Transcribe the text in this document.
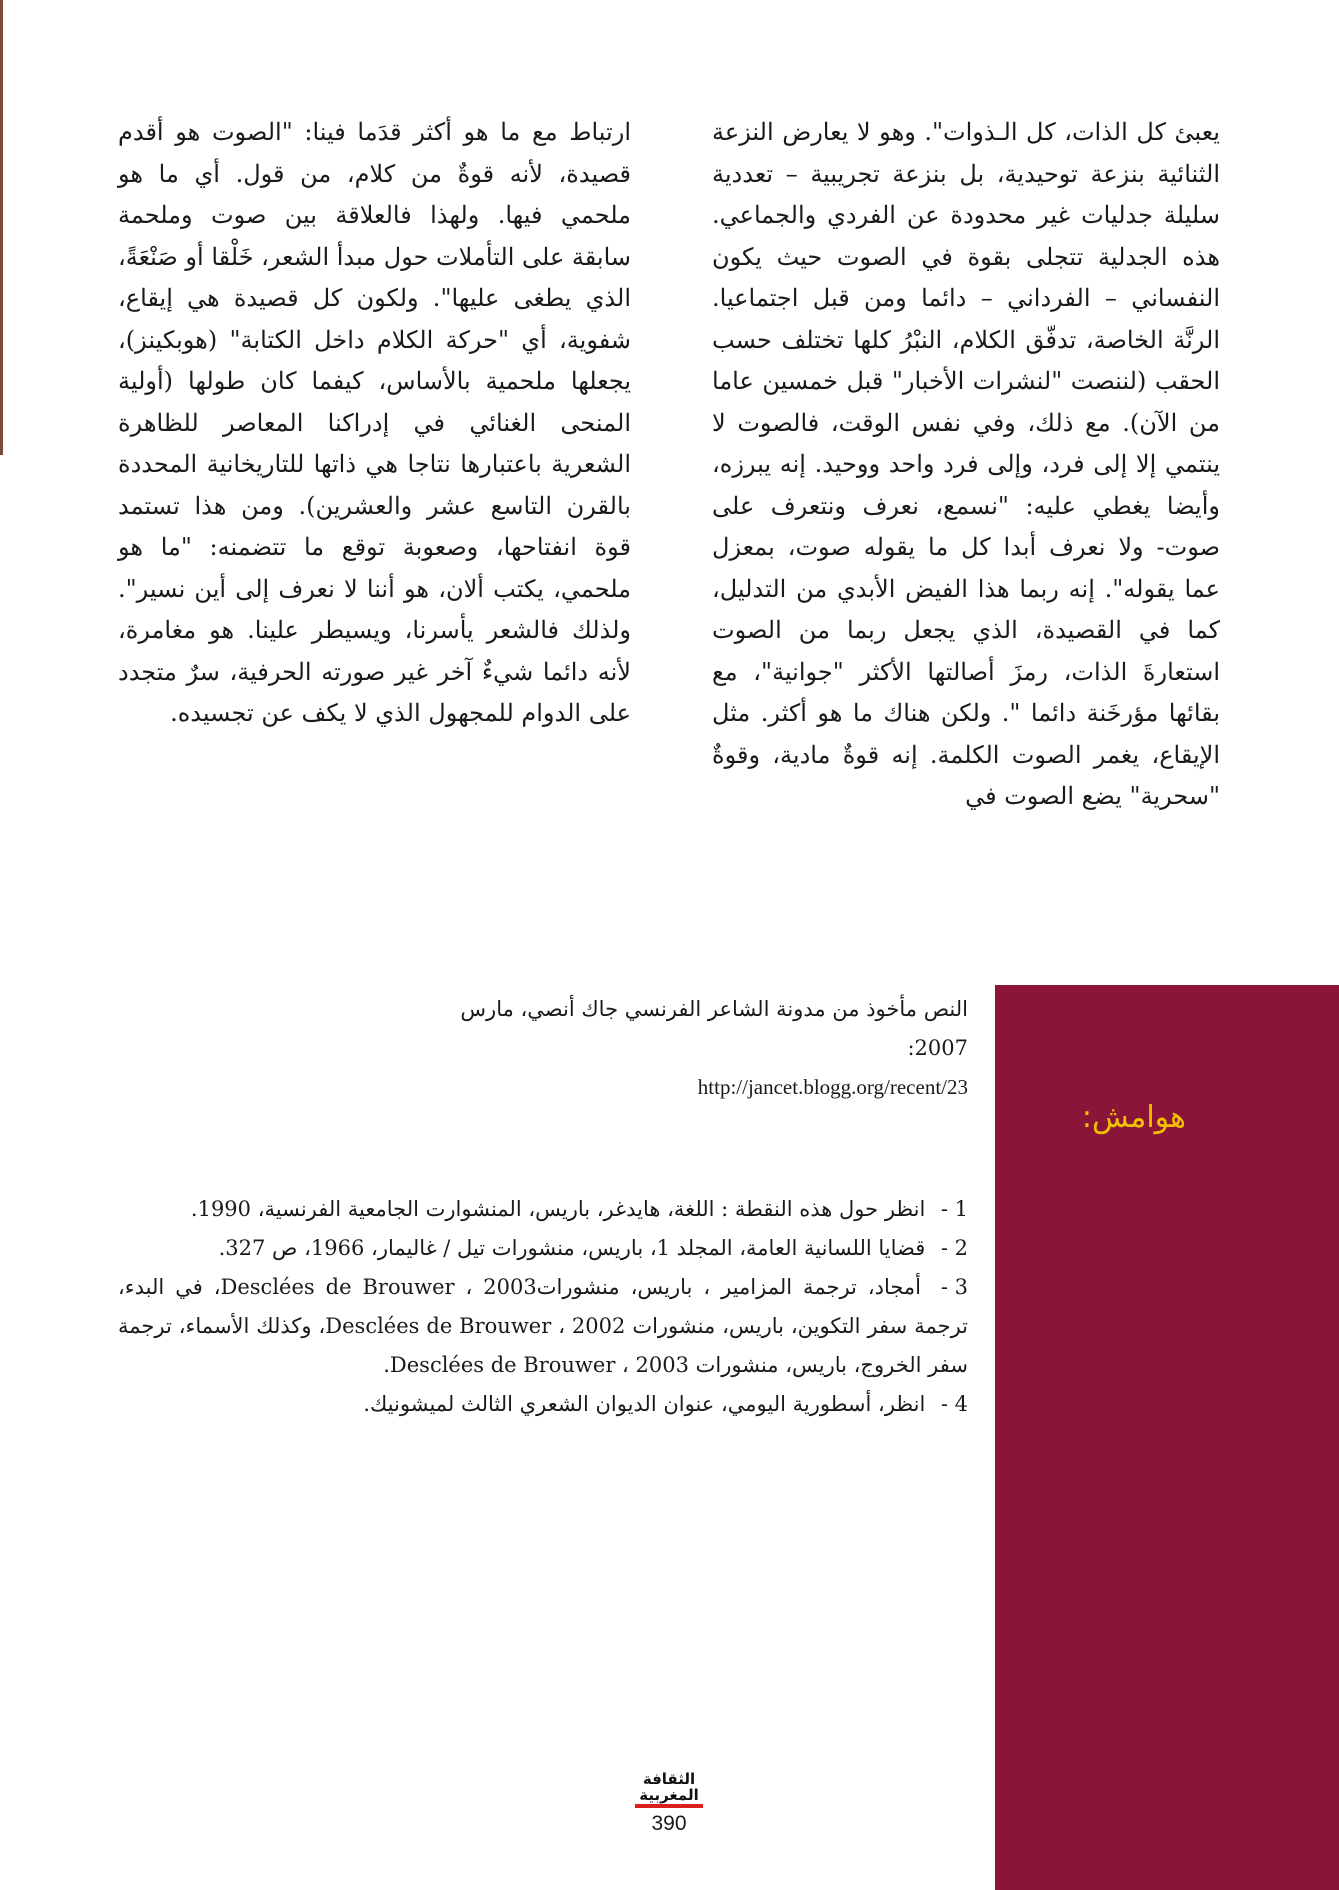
يعبئ كل الذات، كل الـذوات". وهو لا يعارض النزعة الثنائية بنزعة توحيدية، بل بنزعة تجريبية – تعددية سليلة جدليات غير محدودة عن الفردي والجماعي. هذه الجدلية تتجلى بقوة في الصوت حيث يكون النفساني – الفرداني – دائما ومن قبل اجتماعيا. الرنَّة الخاصة، تدفّق الكلام، النبْرُ كلها تختلف حسب الحقب (لننصت "لنشرات الأخبار" قبل خمسين عاما من الآن). مع ذلك، وفي نفس الوقت، فالصوت لا ينتمي إلا إلى فرد، وإلى فرد واحد ووحيد. إنه يبرزه، وأيضا يغطي عليه: "نسمع، نعرف ونتعرف على صوت- ولا نعرف أبدا كل ما يقوله صوت، بمعزل عما يقوله". إنه ربما هذا الفيض الأبدي من التدليل، كما في القصيدة، الذي يجعل ربما من الصوت استعارةَ الذات، رمزَ أصالتها الأكثر "جوانية"، مع بقائها مؤرخَنة دائما ". ولكن هناك ما هو أكثر. مثل الإيقاع، يغمر الصوت الكلمة. إنه قوةٌ مادية، وقوةٌ "سحرية" يضع الصوت في

ارتباط مع ما هو أكثر قدَما فينا: "الصوت هو أقدم قصيدة، لأنه قوةٌ من كلام، من قول. أي ما هو ملحمي فيها. ولهذا فالعلاقة بين صوت وملحمة سابقة على التأملات حول مبدأ الشعر، خَلْقا أو صَنْعَةً، الذي يطغى عليها". ولكون كل قصيدة هي إيقاع، شفوية، أي "حركة الكلام داخل الكتابة" (هوبكينز)، يجعلها ملحمية بالأساس، كيفما كان طولها (أولية المنحى الغنائي في إدراكنا المعاصر للظاهرة الشعرية باعتبارها نتاجا هي ذاتها للتاريخانية المحددة بالقرن التاسع عشر والعشرين). ومن هذا تستمد قوة انفتاحها، وصعوبة توقع ما تتضمنه: "ما هو ملحمي، يكتب ألان، هو أننا لا نعرف إلى أين نسير". ولذلك فالشعر يأسرنا، ويسيطر علينا. هو مغامرة، لأنه دائما شيءٌ آخر غير صورته الحرفية، سرٌ متجدد على الدوام للمجهول الذي لا يكف عن تجسيده.

النص مأخوذ من مدونة الشاعر الفرنسي جاك أنصي، مارس 2007:
http://jancet.blogg.org/recent/23
هوامش:
1 - انظر حول هذه النقطة : اللغة، هايدغر، باريس، المنشوارت الجامعية الفرنسية، 1990.
2 - قضايا اللسانية العامة، المجلد 1، باريس، منشورات تيل / غاليمار، 1966، ص 327.
3 - أمجاد، ترجمة المزامير ، باريس، منشوراتDesclées de Brouwer ، 2003، في البدء، ترجمة سفر التكوين، باريس، منشورات Desclées de Brouwer ، 2002، وكذلك الأسماء، ترجمة سفر الخروج، باريس، منشورات Desclées de Brouwer ، 2003.
4 - انظر، أسطورية اليومي، عنوان الديوان الشعري الثالث لميشونيك.
الثقافة
المغربية
390
